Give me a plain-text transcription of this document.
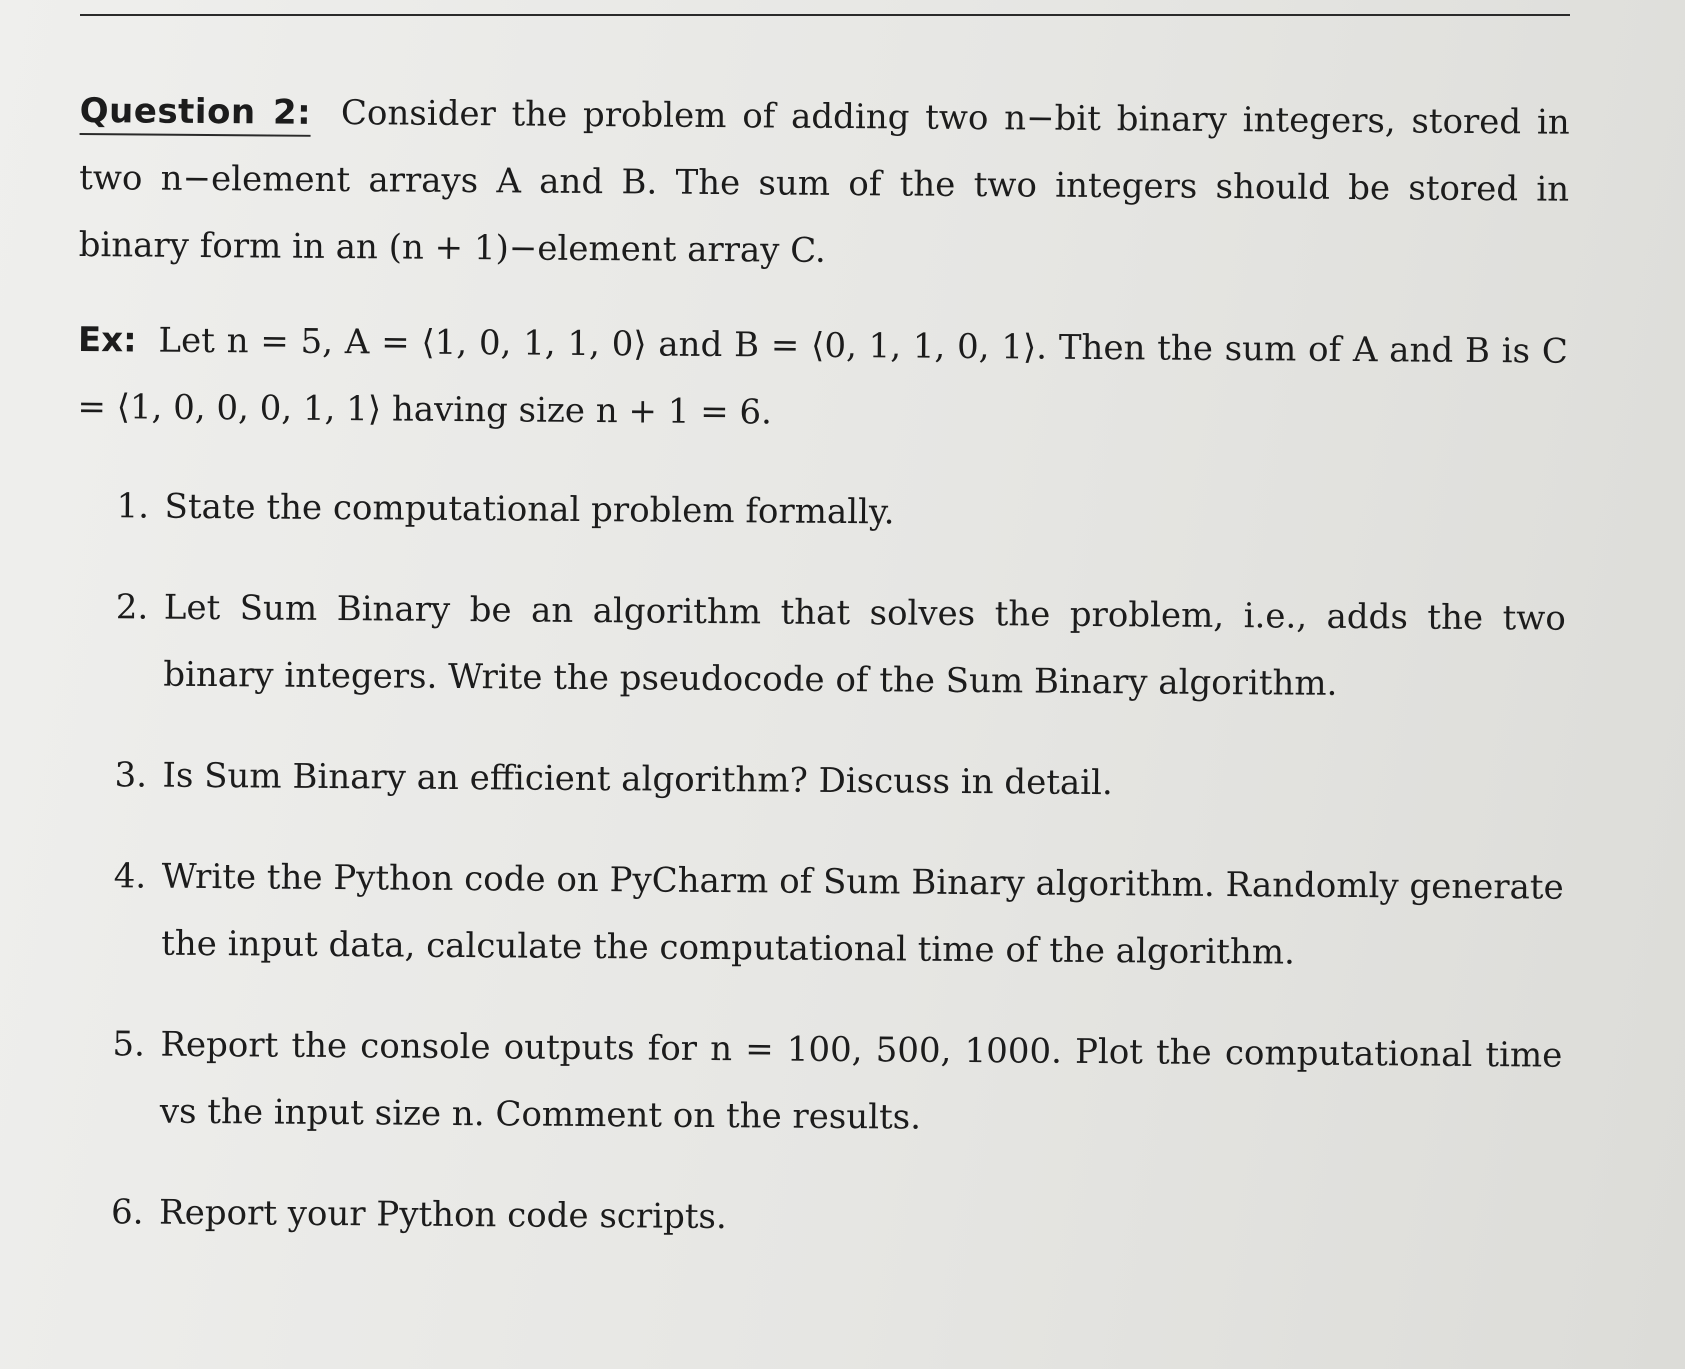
Question 2: Consider the problem of adding two n−bit binary integers, stored in two n−element arrays A and B. The sum of the two integers should be stored in binary form in an (n + 1)−element array C.

Ex: Let n = 5, A = ⟨1, 0, 1, 1, 0⟩ and B = ⟨0, 1, 1, 0, 1⟩. Then the sum of A and B is C = ⟨1, 0, 0, 0, 1, 1⟩ having size n + 1 = 6.

1. State the computational problem formally.
2. Let Sum Binary be an algorithm that solves the problem, i.e., adds the two binary integers. Write the pseudocode of the Sum Binary algorithm.
3. Is Sum Binary an efficient algorithm? Discuss in detail.
4. Write the Python code on PyCharm of Sum Binary algorithm. Randomly generate the input data, calculate the computational time of the algorithm.
5. Report the console outputs for n = 100, 500, 1000. Plot the computational time vs the input size n. Comment on the results.
6. Report your Python code scripts.
